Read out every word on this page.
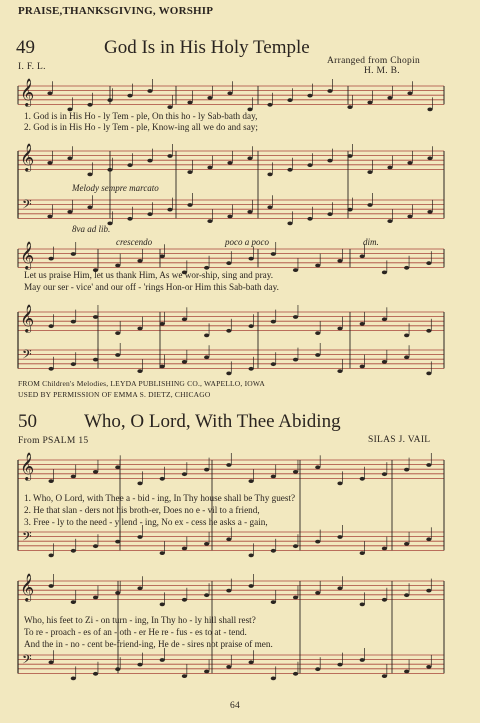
𝄞
𝄞
𝄢
𝄞
𝄞
𝄢
𝄞
𝄢
𝄞
𝄢
PRAISE,THANKSGIVING, WORSHIP
49	God Is in His Holy Temple
I. F. L.
Arranged from Chopin
H. M. B.
1. God is in His Ho - ly Tem - ple, On this ho - ly Sab-bath day,
2. God is in His Ho - ly Tem - ple, Know-ing all we do and say;
Melody sempre marcato
8va ad lib.
crescendo	poco a poco	dim.
Let us praise Him, let us thank Him, As we wor-ship, sing and pray.
May our ser - vice' and our off - 'rings Hon-or Him this Sab-bath day.
FROM Children's Melodies, LEYDA PUBLISHING CO., WAPELLO, IOWA
USED BY PERMISSION OF EMMA S. DIETZ, CHICAGO
50 Who, O Lord, With Thee Abiding
From PSALM 15	SILAS J. VAIL
1. Who, O Lord, with Thee a - bid - ing, In Thy house shall be Thy guest?
2. He that slan - ders not his broth-er, Does no e - vil to a friend,
3. Free - ly to the need - y lend - ing, No ex - cess he asks a - gain,
Who, his feet to Zi - on turn - ing, In Thy ho - ly hill shall rest?
To re - proach - es of an - oth - er He re - fus - es to at - tend.
And the in - no - cent be-friend-ing, He de - sires not praise of men.
64
